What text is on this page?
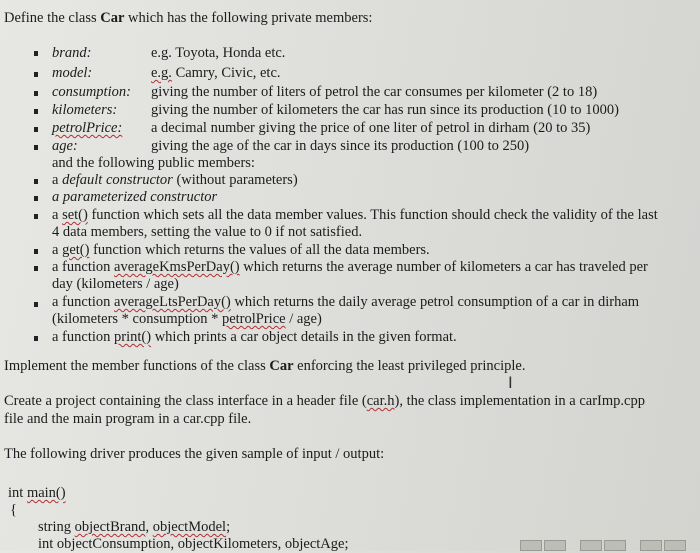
Define the class Car which has the following private members:
brand:	e.g. Toyota, Honda etc.
model:	e.g. Camry, Civic, etc.
consumption: giving the number of liters of petrol the car consumes per kilometer (2 to 18)
kilometers: giving the number of kilometers the car has run since its production (10 to 1000)
petrolPrice: a decimal number giving the price of one liter of petrol in dirham (20 to 35)
age:	giving the age of the car in days since its production (100 to 250)
and the following public members:
a default constructor (without parameters)
a parameterized constructor
a set() function which sets all the data member values. This function should check the validity of the last
4 data members, setting the value to 0 if not satisfied.
a get() function which returns the values of all the data members.
a function averageKmsPerDay() which returns the average number of kilometers a car has traveled per
day (kilometers / age)
a function averageLtsPerDay() which returns the daily average petrol consumption of a car in dirham
(kilometers * consumption * petrolPrice / age)
a function print() which prints a car object details in the given format.
Implement the member functions of the class Car enforcing the least privileged principle.
I
Create a project containing the class interface in a header file (car.h), the class implementation in a carImp.cpp
file and the main program in a car.cpp file.
The following driver produces the given sample of input / output:
int main()
{
string objectBrand, objectModel;
int objectConsumption, objectKilometers, objectAge;
